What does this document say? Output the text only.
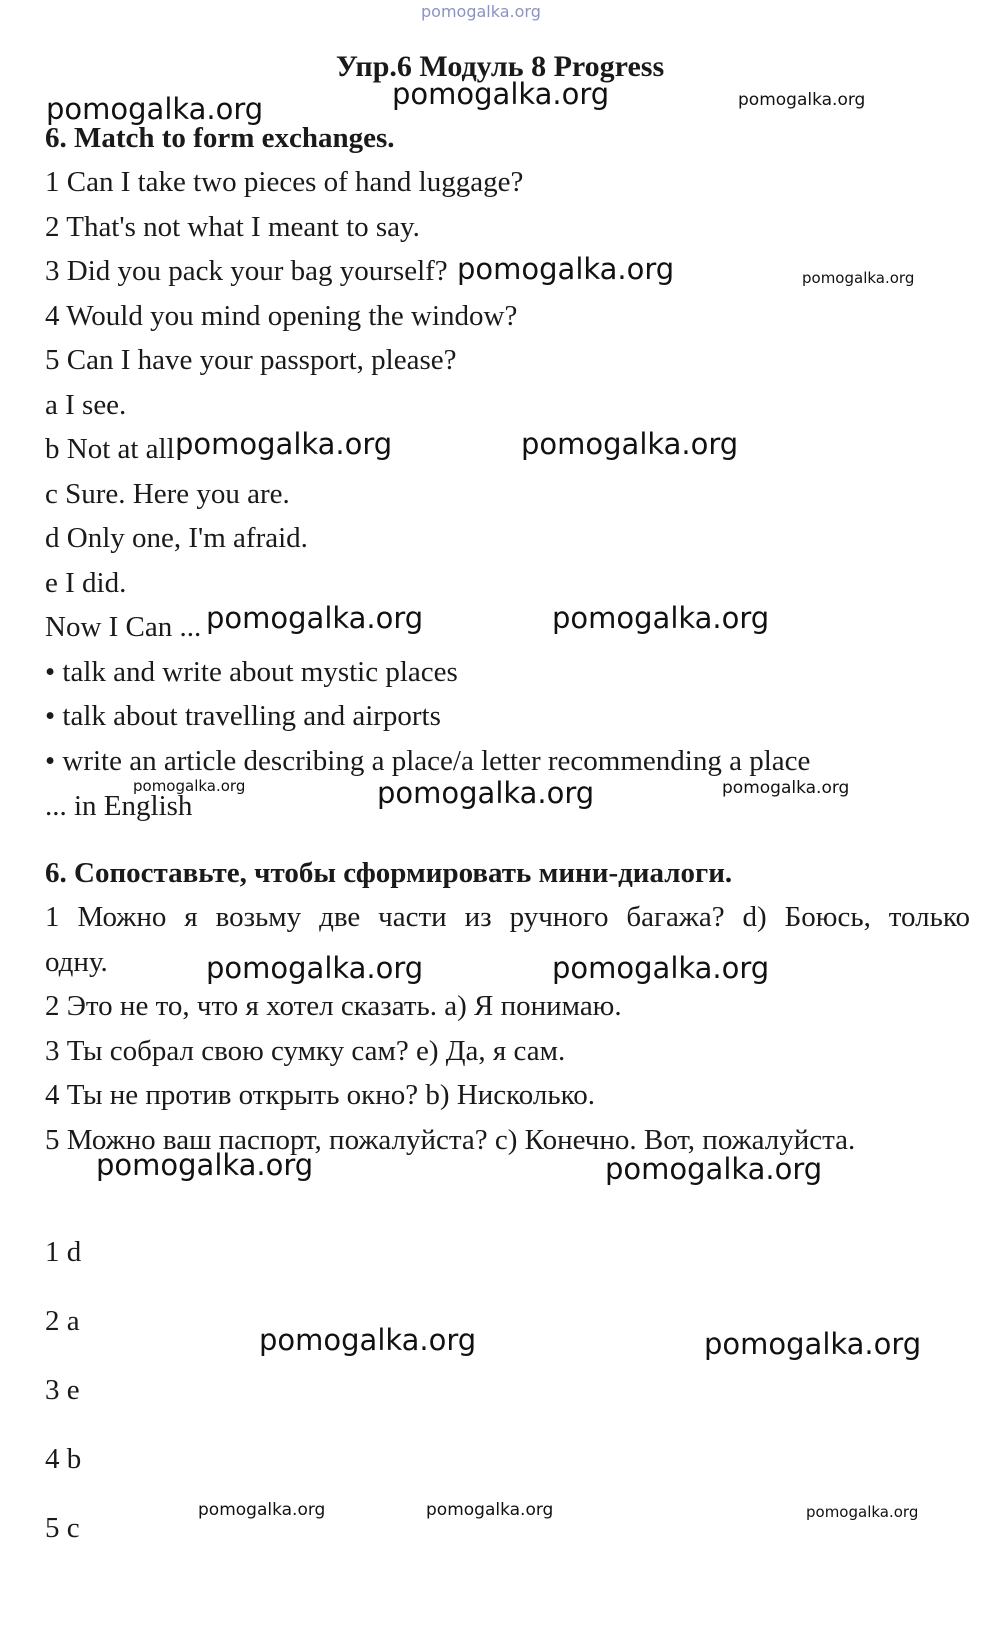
pomogalka.org
Упр.6 Модуль 8 Progress
6. Match to form exchanges.
1 Can I take two pieces of hand luggage?
2 That's not what I meant to say.
3 Did you pack your bag yourself?
4 Would you mind opening the window?
5 Can I have your passport, please?
a I see.
b Not at all
c Sure. Here you are.
d Only one, I'm afraid.
e I did.
Now I Can ...
• talk and write about mystic places
• talk about travelling and airports
• write an article describing a place/a letter recommending a place
... in English
6. Сопоставьте, чтобы сформировать мини-диалоги.
1 Можно я возьму две части из ручного багажа? d) Боюсь, только
одну.
2 Это не то, что я хотел сказать. a) Я понимаю.
3 Ты собрал свою сумку сам? e) Да, я сам.
4 Ты не против открыть окно? b) Нисколько.
5 Можно ваш паспорт, пожалуйста? c) Конечно. Вот, пожалуйста.
1 d
2 a
3 e
4 b
5 c
pomogalka.org	pomogalka.org	pomogalka.org
pomogalka.org	pomogalka.org
pomogalka.org	pomogalka.org
pomogalka.org	pomogalka.org
pomogalka.org	pomogalka.org	pomogalka.org
pomogalka.org	pomogalka.org
pomogalka.org	pomogalka.org
pomogalka.org	pomogalka.org
pomogalka.org	pomogalka.org	pomogalka.org
